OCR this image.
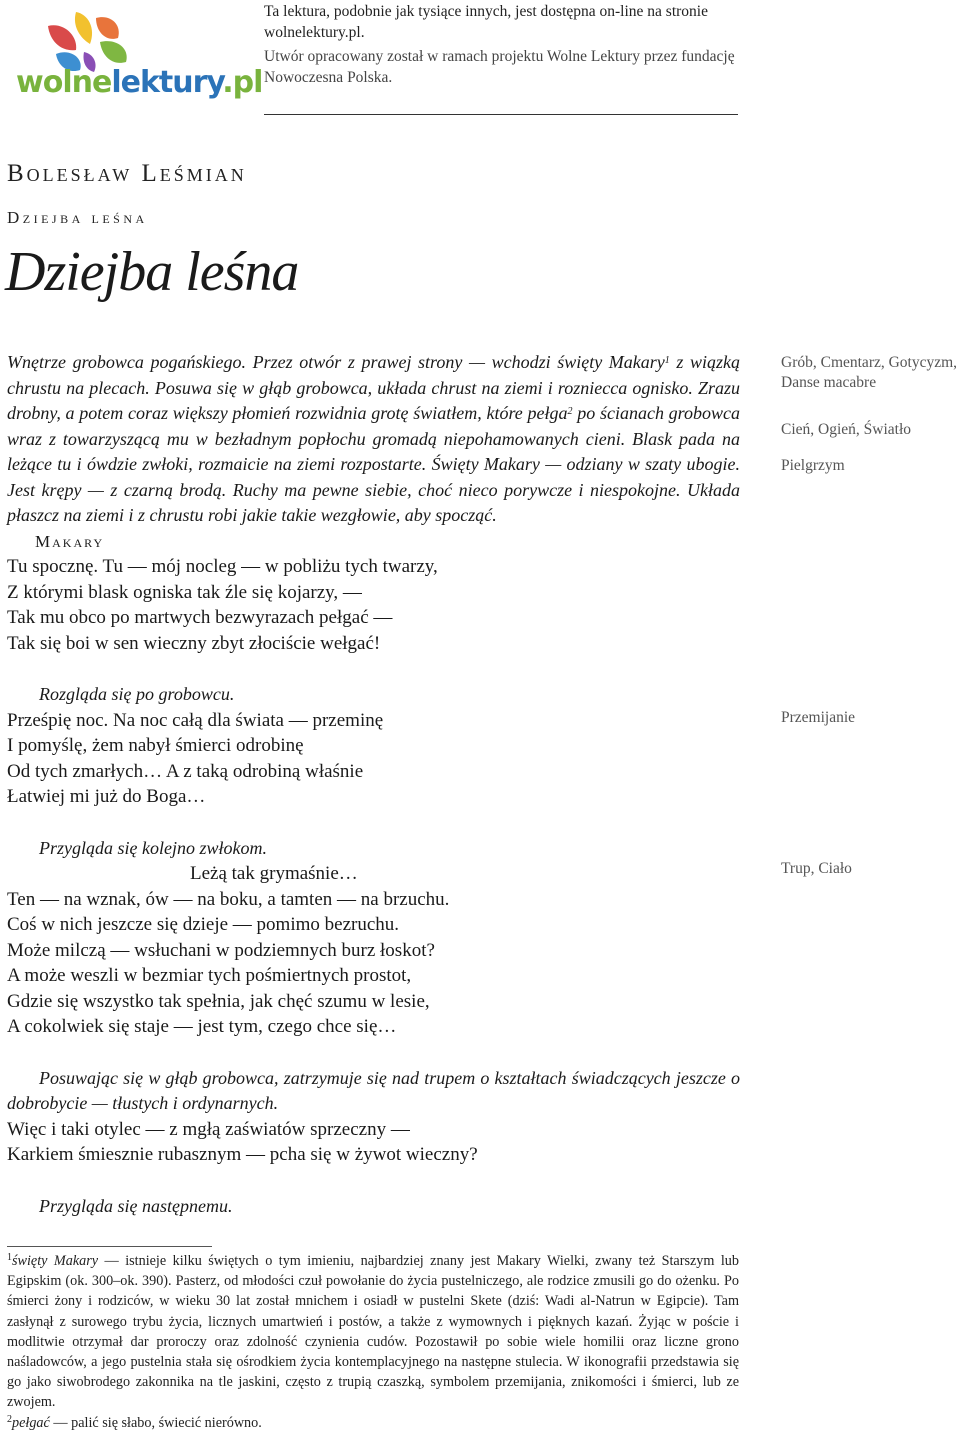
wolnelektury.pl

Ta lektura, podobnie jak tysiące innych, jest dostępna on-line na stronie wolnelektury.pl.

Utwór opracowany został w ramach projektu Wolne Lektury przez fundację Nowoczesna Polska.

Bolesław Leśmian
Dziejba leśna
Dziejba leśna

Wnętrze grobowca pogańskiego. Przez otwór z prawej strony — wchodzi święty Makary$^1$ z wiązką chrustu na plecach. Posuwa się w głąb grobowca, układa chrust na ziemi i rozniecca ognisko. Zrazu drobny, a potem coraz większy płomień rozwidnia grotę światłem, które pełga$^2$ po ścianach grobowca wraz z towarzyszącą mu w bezładnym popłochu gromadą niepohamowanych cieni. Blask pada na leżące tu i ówdzie zwłoki, rozmaicie na ziemi rozpostarte. Święty Makary — odziany w szaty ubogie. Jest krępy — z czarną brodą. Ruchy ma pewne siebie, choć nieco porywcze i niespokojne. Układa płaszcz na ziemi i z chrustu robi jakie takie wezgłowie, aby spocząć.

Makary

Tu spocznę. Tu — mój nocleg — w pobliżu tych twarzy,

Z którymi blask ogniska tak źle się kojarzy, —

Tak mu obco po martwych bezwyrazach pełgać —

Tak się boi w sen wieczny zbyt złociście wełgać!

Rozgląda się po grobowcu.

Prześpię noc. Na noc całą dla świata — przeminę

I pomyślę, żem nabył śmierci odrobinę

Od tych zmarłych… A z taką odrobiną właśnie

Łatwiej mi już do Boga…

Przygląda się kolejno zwłokom.

Leżą tak grymaśnie…

Ten — na wznak, ów — na boku, a tamten — na brzuchu.

Coś w nich jeszcze się dzieje — pomimo bezruchu.

Może milczą — wsłuchani w podziemnych burz łoskot?

A może weszli w bezmiar tych pośmiertnych prostot,

Gdzie się wszystko tak spełnia, jak chęć szumu w lesie,

A cokolwiek się staje — jest tym, czego chce się…

Posuwając się w głąb grobowca, zatrzymuje się nad trupem o kształtach świadczących jeszcze o dobrobycie — tłustych i ordynarnych.

Więc i taki otylec — z mgłą zaświatów sprzeczny —

Karkiem śmiesznie rubasznym — pcha się w żywot wieczny?

Przygląda się następnemu.

Grób, Cmentarz, Gotycyzm, Danse macabre
Cień, Ogień, Światło
Pielgrzym
Przemijanie
Trup, Ciało

$^1$święty Makary — istnieje kilku świętych o tym imieniu, najbardziej znany jest Makary Wielki, zwany też Starszym lub Egipskim (ok. 300–ok. 390). Pasterz, od młodości czuł powołanie do życia pustelniczego, ale rodzice zmusili go do ożenku. Po śmierci żony i rodziców, w wieku 30 lat został mnichem i osiadł w pustelni Skete (dziś: Wadi al-Natrun w Egipcie). Tam zasłynął z surowego trybu życia, licznych umartwień i postów, a także z wymownych i pięknych kazań. Żyjąc w poście i modlitwie otrzymał dar proroczy oraz zdolność czynienia cudów. Pozostawił po sobie wiele homilii oraz liczne grono naśladowców, a jego pustelnia stała się ośrodkiem życia kontemplacyjnego na następne stulecia. W ikonografii przedstawia się go jako siwobrodego zakonnika na tle jaskini, często z trupią czaszką, symbolem przemijania, znikomości i śmierci, lub ze zwojem.

$^2$pełgać — palić się słabo, świecić nierówno.
